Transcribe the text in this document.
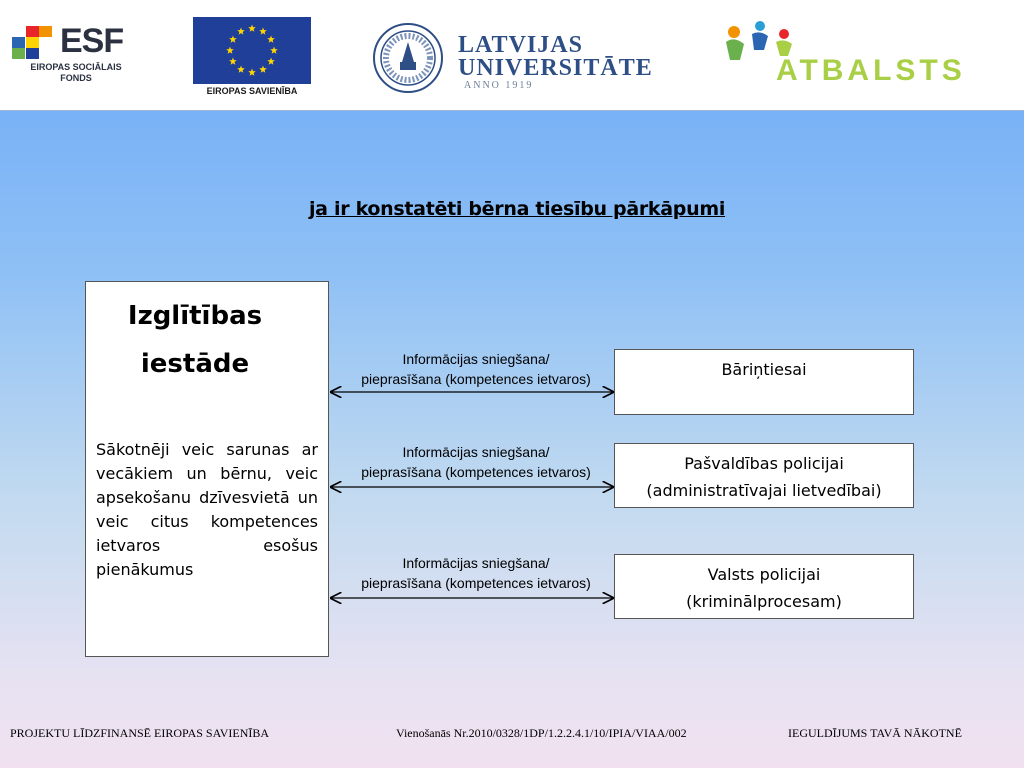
ESF
EIROPAS SOCIĀLAIS FONDS
EIROPAS SAVIENĪBA
LATVIJAS
UNIVERSITĀTE
ANNO 1919	ATBALSTS
ja ir konstatēti bērna tiesību pārkāpumi
Izglītības iestāde
Sākotnēji veic sarunas ar vecākiem un bērnu, veic apsekošanu dzīvesvietā un veic citus kompetences ietvaros esošus pienākumus
Informācijas sniegšana/
pieprasīšana (kompetences ietvaros)
Informācijas sniegšana/
pieprasīšana (kompetences ietvaros)
Informācijas sniegšana/
pieprasīšana (kompetences ietvaros)
Bāriņtiesai
Pašvaldības policijai
(administratīvajai lietvedībai)
Valsts policijai
(kriminālprocesam)
PROJEKTU LĪDZFINANSĒ EIROPAS SAVIENĪBA	Vienošanās Nr.2010/0328/1DP/1.2.2.4.1/10/IPIA/VIAA/002	IEGULDĪJUMS TAVĀ NĀKOTNĒ
